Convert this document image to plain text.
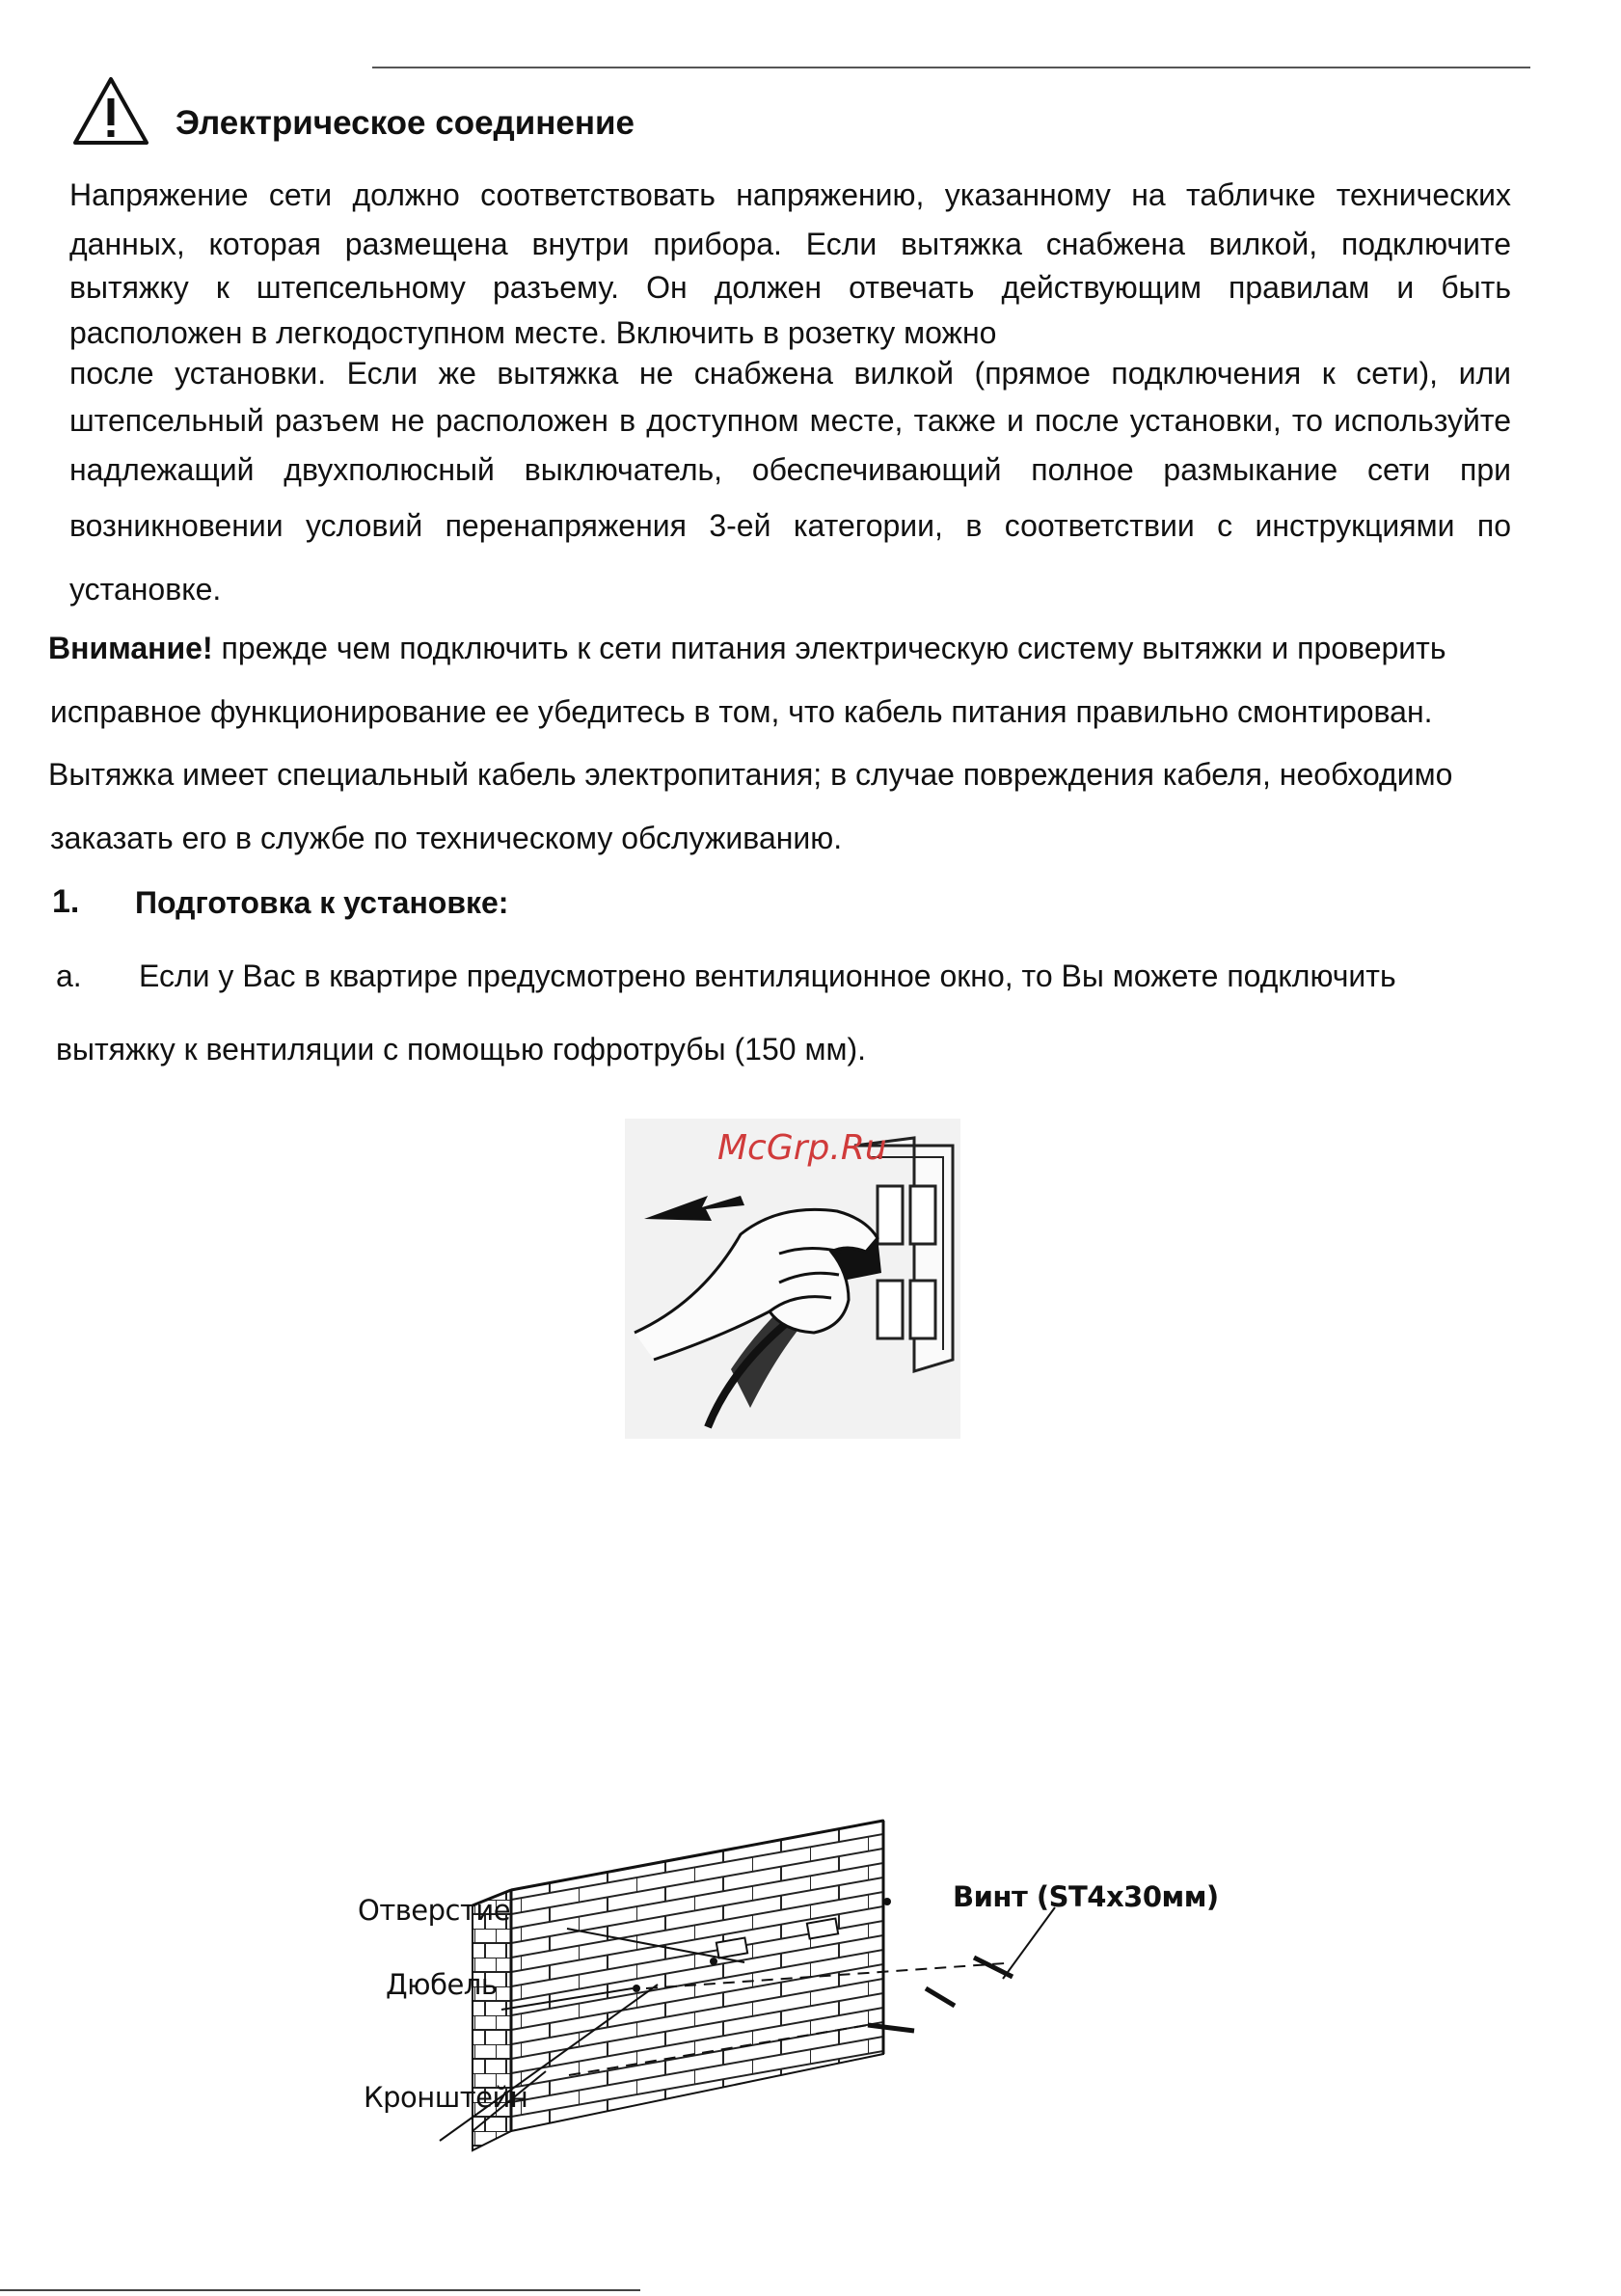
Электрическое соединение
Напряжение сети должно соответствовать напряжению, указанному на табличке технических
данных, которая размещена внутри прибора. Если вытяжка снабжена вилкой, подключите
вытяжку к штепсельному разъему. Он должен отвечать действующим правилам и быть
расположен в легкодоступном месте. Включить в розетку можно
после установки. Если же вытяжка не снабжена вилкой (прямое подключения к сети), или
штепсельный разъем не расположен в доступном месте, также и после установки, то используйте
надлежащий двухполюсный выключатель, обеспечивающий полное размыкание сети при
возникновении условий перенапряжения 3-ей категории, в соответствии с инструкциями по
установке.
Внимание! прежде чем подключить к сети питания электрическую систему вытяжки и проверить
исправное функционирование ее убедитесь в том, что кабель питания правильно смонтирован.
Вытяжка имеет специальный кабель электропитания; в случае повреждения кабеля, необходимо
заказать его в службе по техническому обслуживанию.
1. Подготовка к установке:
a. Если у Вас в квартире предусмотрено вентиляционное окно, то Вы можете подключить
вытяжку к вентиляции с помощью гофротрубы (150 мм).
McGrp.Ru
Отверстие
Дюбель
Кронштейн
Винт (ST4x30мм)
